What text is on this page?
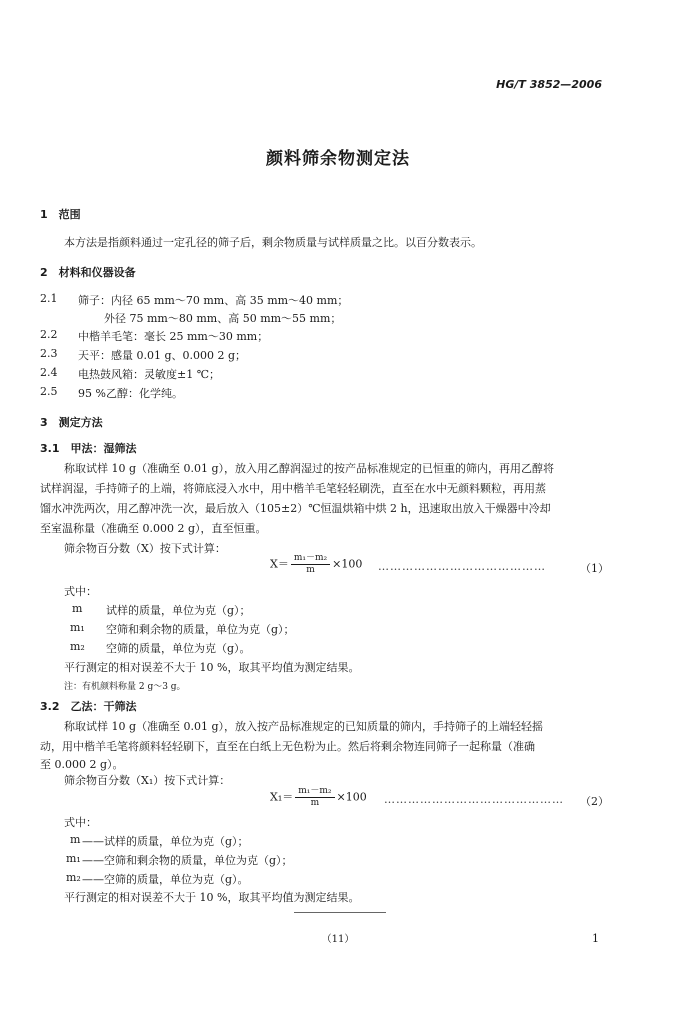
HG/T 3852—2006
颜料筛余物测定法
1　范围
本方法是指颜料通过一定孔径的筛子后，剩余物质量与试样质量之比。以百分数表示。
2　材料和仪器设备
2.1 筛子：内径 65 mm～70 mm、高 35 mm～40 mm；
外径 75 mm～80 mm、高 50 mm～55 mm；
2.2 中楷羊毛笔：毫长 25 mm～30 mm；
2.3 天平：感量 0.01 g、0.000 2 g；
2.4 电热鼓风箱：灵敏度±1 ℃；
2.5 95 %乙醇：化学纯。
3　测定方法
3.1　甲法：湿筛法
称取试样 10 g（准确至 0.01 g），放入用乙醇润湿过的按产品标准规定的已恒重的筛内，再用乙醇将
试样润湿，手持筛子的上端，将筛底浸入水中，用中楷羊毛笔轻轻刷洗，直至在水中无颜料颗粒，再用蒸
馏水冲洗两次，用乙醇冲洗一次，最后放入（105±2）℃恒温烘箱中烘 2 h，迅速取出放入干燥器中冷却
至室温称量（准确至 0.000 2 g），直至恒重。
筛余物百分数（X）按下式计算：
$X= \frac{\text{m₁－m₂}}{m} \times 100$ ……………………………………	（1）
式中：
m 试样的质量，单位为克（g）；
m₁ 空筛和剩余物的质量，单位为克（g）；
m₂ 空筛的质量，单位为克（g）。
平行测定的相对误差不大于 10 %，取其平均值为测定结果。
注：有机颜料称量 2 g～3 g。
3.2　乙法：干筛法
称取试样 10 g（准确至 0.01 g），放入按产品标准规定的已知质量的筛内，手持筛子的上端轻轻摇
动，用中楷羊毛笔将颜料轻轻刷下，直至在白纸上无色粉为止。然后将剩余物连同筛子一起称量（准确
至 0.000 2 g）。
筛余物百分数（X₁）按下式计算：
$X_1= \frac{\text{m₁－m₂}}{m} \times 100$ ……………………………………… （2）
式中：
m ——试样的质量，单位为克（g）；
m₁ ——空筛和剩余物的质量，单位为克（g）；
m₂ ——空筛的质量，单位为克（g）。
平行测定的相对误差不大于 10 %，取其平均值为测定结果。
（11）	1
